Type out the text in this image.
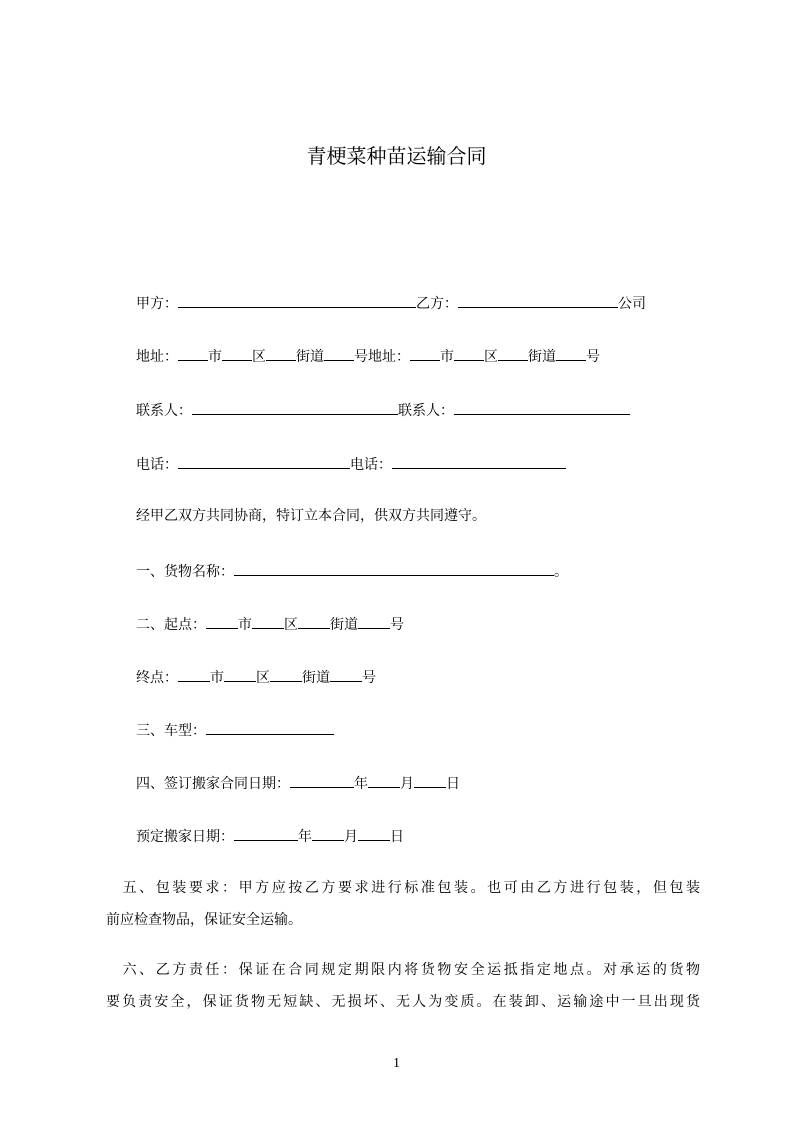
青梗菜种苗运输合同
甲方：	乙方：	公司
地址： 市 区 街道 号地址： 市 区 街道 号
联系人：	联系人：
电话：	电话：
经甲乙双方共同协商，特订立本合同，供双方共同遵守。
一、货物名称：	。
二、起点： 市 区 街道 号
终点： 市 区 街道 号
三、车型：
四、签订搬家合同日期：	年 月 日
预定搬家日期：	年 月 日
　五、包装要求：甲方应按乙方要求进行标准包装。也可由乙方进行包装，但包装
前应检查物品，保证安全运输。
　六、乙方责任：保证在合同规定期限内将货物安全运抵指定地点。对承运的货物
要负责安全，保证货物无短缺、无损坏、无人为变质。在装卸、运输途中一旦出现货
1
